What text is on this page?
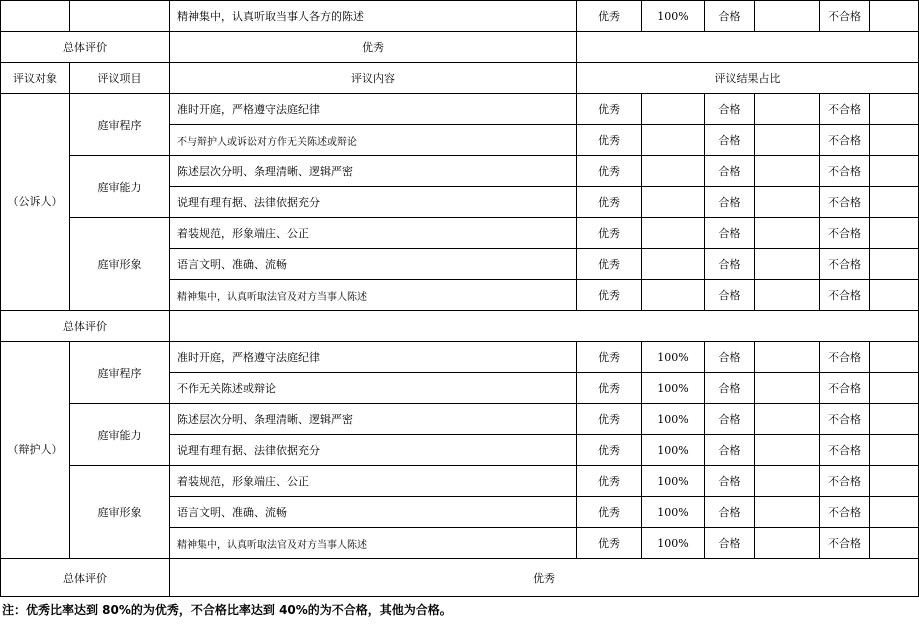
		精神集中，认真听取当事人各方的陈述	优秀	100%	合格		不合格	
总体评价		优秀						
评议对象	评议项目	评议内容	评议结果占比					
（公诉人）	庭审程序	准时开庭，严格遵守法庭纪律	优秀		合格		不合格	
		不与辩护人或诉讼对方作无关陈述或辩论	优秀		合格		不合格	
	庭审能力	陈述层次分明、条理清晰、逻辑严密	优秀		合格		不合格	
		说理有理有据、法律依据充分	优秀		合格		不合格	
	庭审形象	着装规范，形象端庄、公正	优秀		合格		不合格	
		语言文明、准确、流畅	优秀		合格		不合格	
		精神集中，认真听取法官及对方当事人陈述	优秀		合格		不合格	
总体评价								
（辩护人）	庭审程序	准时开庭，严格遵守法庭纪律	优秀	100%	合格		不合格	
		不作无关陈述或辩论	优秀	100%	合格		不合格	
	庭审能力	陈述层次分明、条理清晰、逻辑严密	优秀	100%	合格		不合格	
		说理有理有据、法律依据充分	优秀	100%	合格		不合格	
	庭审形象	着装规范，形象端庄、公正	优秀	100%	合格		不合格	
		语言文明、准确、流畅	优秀	100%	合格		不合格	
		精神集中，认真听取法官及对方当事人陈述	优秀	100%	合格		不合格	
总体评价		优秀						
注：优秀比率达到 80%的为优秀，不合格比率达到 40%的为不合格，其他为合格。
